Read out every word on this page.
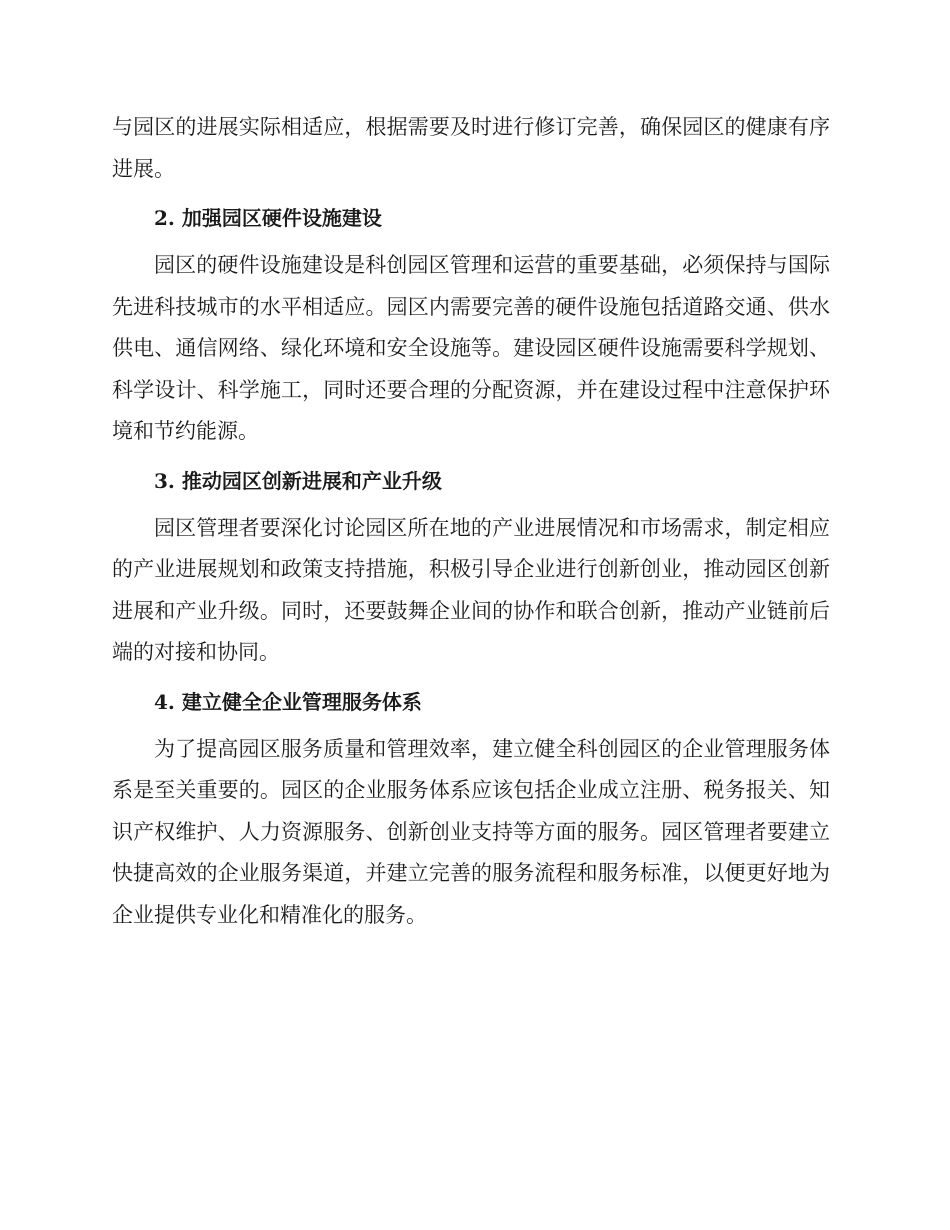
与园区的进展实际相适应，根据需要及时进行修订完善，确保园区的健康有序进展。

2. 加强园区硬件设施建设

园区的硬件设施建设是科创园区管理和运营的重要基础，必须保持与国际先进科技城市的水平相适应。园区内需要完善的硬件设施包括道路交通、供水供电、通信网络、绿化环境和安全设施等。建设园区硬件设施需要科学规划、科学设计、科学施工，同时还要合理的分配资源，并在建设过程中注意保护环境和节约能源。

3. 推动园区创新进展和产业升级

园区管理者要深化讨论园区所在地的产业进展情况和市场需求，制定相应的产业进展规划和政策支持措施，积极引导企业进行创新创业，推动园区创新进展和产业升级。同时，还要鼓舞企业间的协作和联合创新，推动产业链前后端的对接和协同。

4. 建立健全企业管理服务体系

为了提高园区服务质量和管理效率，建立健全科创园区的企业管理服务体系是至关重要的。园区的企业服务体系应该包括企业成立注册、税务报关、知识产权维护、人力资源服务、创新创业支持等方面的服务。园区管理者要建立快捷高效的企业服务渠道，并建立完善的服务流程和服务标准，以便更好地为企业提供专业化和精准化的服务。
